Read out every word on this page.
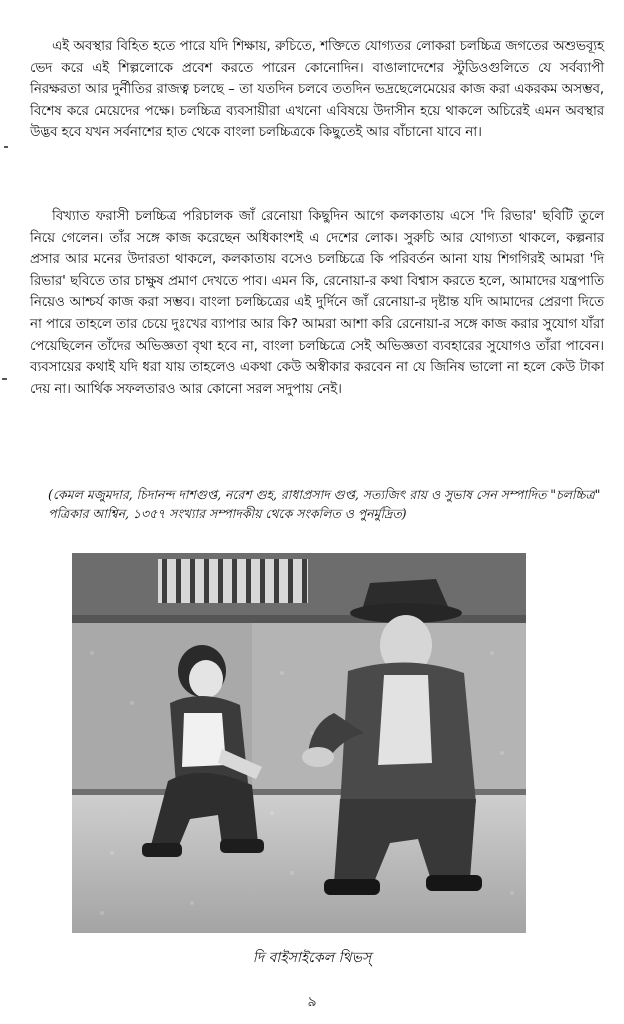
এই অবস্থার বিহিত হতে পারে যদি শিক্ষায়, রুচিতে, শক্তিতে যোগ্যতর লোকরা চলচ্চিত্র জগতের অশুভব্যূহ ভেদ করে এই শিল্পলোকে প্রবেশ করতে পারেন কোনোদিন। বাঙালাদেশের স্টুডিওগুলিতে যে সর্বব্যাপী নিরক্ষরতা আর দুর্নীতির রাজত্ব চলছে – তা যতদিন চলবে ততদিন ভদ্রছেলেমেয়ের কাজ করা একরকম অসম্ভব, বিশেষ করে মেয়েদের পক্ষে। চলচ্চিত্র ব্যবসায়ীরা এখনো এবিষয়ে উদাসীন হয়ে থাকলে অচিরেই এমন অবস্থার উদ্ভব হবে যখন সর্বনাশের হাত থেকে বাংলা চলচ্চিত্রকে কিছুতেই আর বাঁচানো যাবে না।

বিখ্যাত ফরাসী চলচ্চিত্র পরিচালক জাঁ রেনোয়া কিছুদিন আগে কলকাতায় এসে 'দি রিভার' ছবিটি তুলে নিয়ে গেলেন। তাঁর সঙ্গে কাজ করেছেন অধিকাংশই এ দেশের লোক। সুরুচি আর যোগ্যতা থাকলে, কল্পনার প্রসার আর মনের উদারতা থাকলে, কলকাতায় বসেও চলচ্চিত্রে কি পরিবর্তন আনা যায় শিগগিরই আমরা 'দি রিভার' ছবিতে তার চাক্ষুষ প্রমাণ দেখতে পাব। এমন কি, রেনোয়া-র কথা বিশ্বাস করতে হলে, আমাদের যন্ত্রপাতি নিয়েও আশ্চর্য কাজ করা সম্ভব। বাংলা চলচ্চিত্রের এই দুর্দিনে জাঁ রেনোয়া-র দৃষ্টান্ত যদি আমাদের প্রেরণা দিতে না পারে তাহলে তার চেয়ে দুঃখের ব্যাপার আর কি? আমরা আশা করি রেনোয়া-র সঙ্গে কাজ করার সুযোগ যাঁরা পেয়েছিলেন তাঁদের অভিজ্ঞতা বৃথা হবে না, বাংলা চলচ্চিত্রে সেই অভিজ্ঞতা ব্যবহারের সুযোগও তাঁরা পাবেন। ব্যবসায়ের কথাই যদি ধরা যায় তাহলেও একথা কেউ অস্বীকার করবেন না যে জিনিষ ভালো না হলে কেউ টাকা দেয় না। আর্থিক সফলতারও আর কোনো সরল সদুপায় নেই।

(কেমল মজুমদার, চিদানন্দ দাশগুপ্ত, নরেশ গুহ, রাধাপ্রসাদ গুপ্ত, সত্যজিৎ রায় ও সুভাষ সেন সম্পাদিত "চলচ্চিত্র" পত্রিকার আশ্বিন, ১৩৫৭ সংখ্যার সম্পাদকীয় থেকে সংকলিত ও পুনর্মুদ্রিত)

দি বাইসাইকেল থিভস্

৯
